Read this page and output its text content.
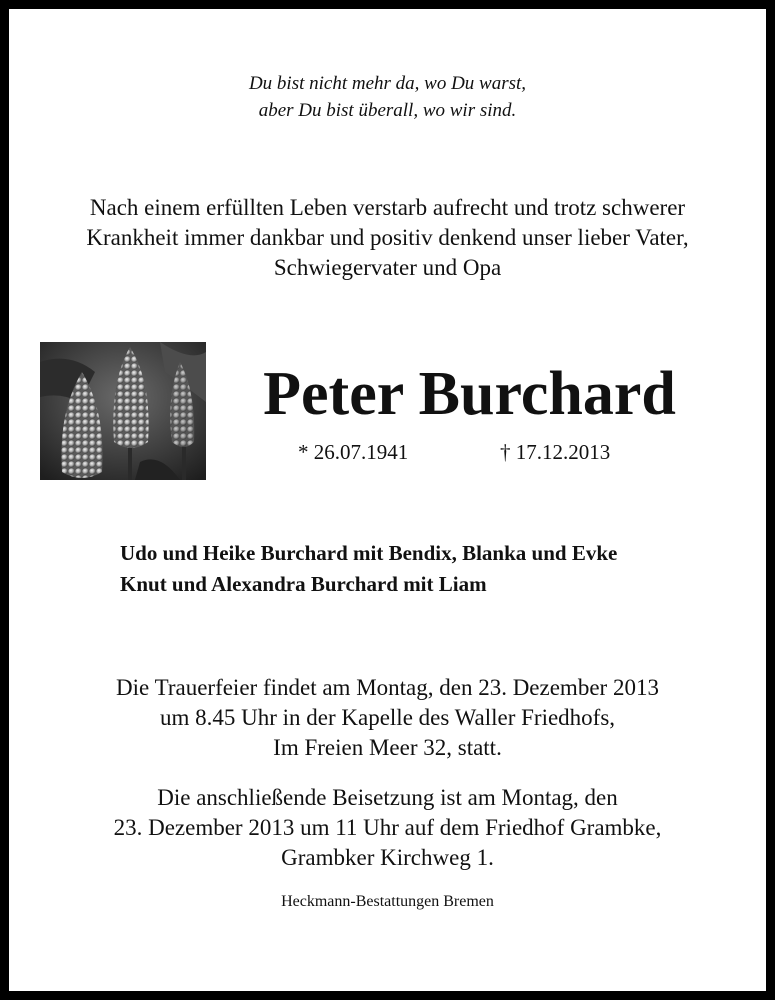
Du bist nicht mehr da, wo Du warst,
aber Du bist überall, wo wir sind.
Nach einem erfüllten Leben verstarb aufrecht und trotz schwerer
Krankheit immer dankbar und positiv denkend unser lieber Vater,
Schwiegervater und Opa
Peter Burchard
* 26.07.1941	† 17.12.2013
Udo und Heike Burchard mit Bendix, Blanka und Evke
Knut und Alexandra Burchard mit Liam
Die Trauerfeier findet am Montag, den 23. Dezember 2013
um 8.45 Uhr in der Kapelle des Waller Friedhofs,
Im Freien Meer 32, statt.
Die anschließende Beisetzung ist am Montag, den
23. Dezember 2013 um 11 Uhr auf dem Friedhof Grambke,
Grambker Kirchweg 1.
Heckmann-Bestattungen Bremen
